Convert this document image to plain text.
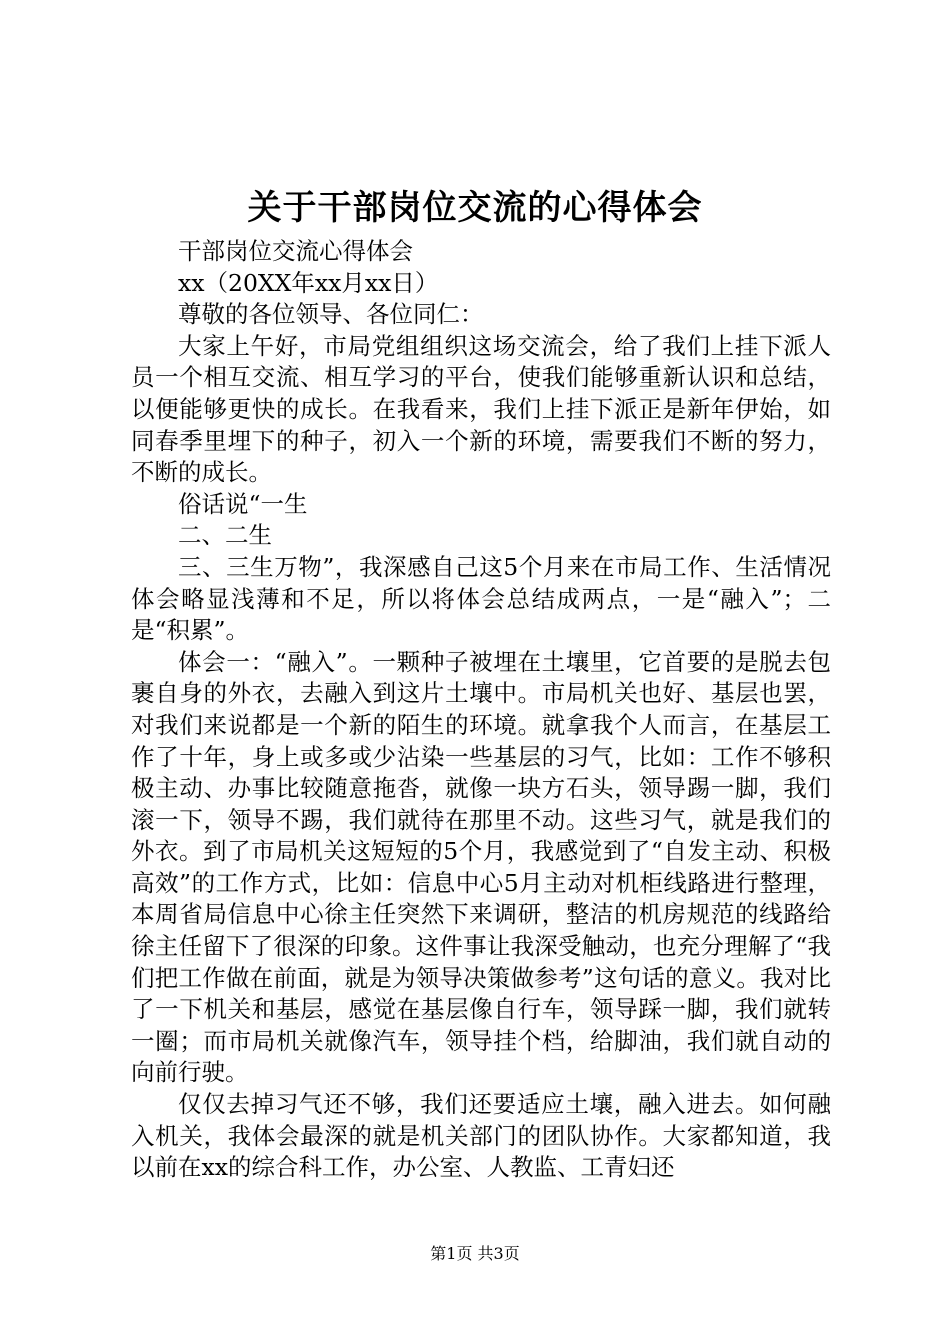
关于干部岗位交流的心得体会

干部岗位交流心得体会

xx（20XX年xx月xx日）

尊敬的各位领导、各位同仁：

大家上午好，市局党组组织这场交流会，给了我们上挂下派人员一个相互交流、相互学习的平台，使我们能够重新认识和总结，以便能够更快的成长。在我看来，我们上挂下派正是新年伊始，如同春季里埋下的种子，初入一个新的环境，需要我们不断的努力，不断的成长。

俗话说“一生

二、二生

三、三生万物”，我深感自己这5个月来在市局工作、生活情况体会略显浅薄和不足，所以将体会总结成两点，一是“融入”；二是“积累”。

体会一：“融入”。一颗种子被埋在土壤里，它首要的是脱去包裹自身的外衣，去融入到这片土壤中。市局机关也好、基层也罢，对我们来说都是一个新的陌生的环境。就拿我个人而言，在基层工作了十年，身上或多或少沾染一些基层的习气，比如：工作不够积极主动、办事比较随意拖沓，就像一块方石头，领导踢一脚，我们滚一下，领导不踢，我们就待在那里不动。这些习气，就是我们的外衣。到了市局机关这短短的5个月，我感觉到了“自发主动、积极高效”的工作方式，比如：信息中心5月主动对机柜线路进行整理，本周省局信息中心徐主任突然下来调研，整洁的机房规范的线路给徐主任留下了很深的印象。这件事让我深受触动，也充分理解了“我们把工作做在前面，就是为领导决策做参考”这句话的意义。我对比了一下机关和基层，感觉在基层像自行车，领导踩一脚，我们就转一圈；而市局机关就像汽车，领导挂个档，给脚油，我们就自动的向前行驶。

仅仅去掉习气还不够，我们还要适应土壤，融入进去。如何融入机关，我体会最深的就是机关部门的团队协作。大家都知道，我以前在xx的综合科工作，办公室、人教监、工青妇还

第1页 共3页
